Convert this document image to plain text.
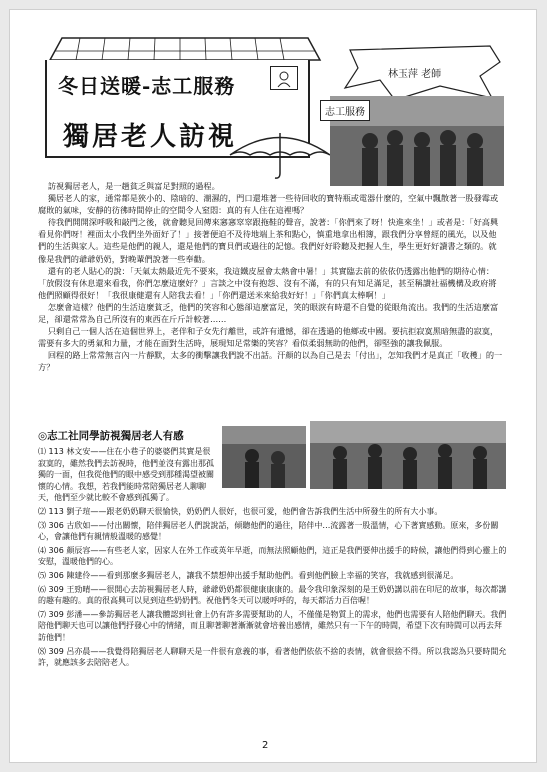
冬日送暖-志工服務
獨居老人訪視
林玉萍 老師
志工服務

訪視獨居老人，是一趟貧乏與富足對照的過程。

獨居老人的家，通常都是狹小的、陰暗的、潮濕的，門口還堆著一些待回收的寶特瓶或電器什麼的，空氣中飄散著一股發霉或腐敗的氣味，安靜的彷彿時間停止的空間令人窒悶：真的有人住在這裡嗎？

待我們開開深呼吸和敲門之後，就會聽見回傳來窸窸窣窣跟拖鞋的聲音，說著：「你們來了呀！快進來坐！」或者是：「好高興看見你們呀！裡面太小我們坐外面好了！」接著便迫不及待地端上茶和點心，慎重地拿出相簿，跟我們分享曾經的風光，以及他們的生活與家人。這些是他們的親人，還是他們的寶貝們或過往的記憶。我們好好聆聽及把握人生，學生更好好讀書之類的。就像是我們的爺爺奶奶，對晚輩們說著一些奉勸。

還有的老人貼心的說：「天氣太熱最近先不要來，我這鐵皮屋會太熱會中暑！」其實臨去前的依依仍透露出他們的期待心情：「放假沒有休息還來看我，你們怎麼這麼好？」言談之中沒有抱怨、沒有不滿，有的只有知足滿足，甚至稱讚社福機構及政府將他們照顧得很好！「我很康健還有人陪我去看！」「你們還送米來給我好好！」「你們真太棒啊！」

怎麼會這樣？他們的生活這麼貧乏，他們的笑容和心態卻這麼富足，笑的眼淚有時還不自覺的從眼角流出。我們的生活這麼富足，卻還常常為自己所沒有的東西在斤斤計較著……

只剩自己一個人活在這個世界上，老伴和子女先行離世，或許有遺憾，卻在透過的他鄉或中國。要抗拒寂寞黑暗無盡的寂寞，需要有多大的勇氣和力量，才能在面對生活時，展現知足常樂的笑容？看似柔弱無助的他們，卻堅強的讓我佩服。

回程的路上常常無言內一片靜默，太多的衝擊讓我們說不出話。汗顏的以為自己是去「付出」，怎知我們才是真正「收穫」的一方？

◎志工社同學訪視獨居老人有感
⑴ 113 林文安——住在小巷子的婆婆們其實是很寂寞的，雖然我們去訪視時，他們並沒有露出那孤獨的一面，但我從他們的眼中感受到那種渴望被關懷的心情。我想，若我們能時常陪獨居老人聊聊天，他們至少就比較不會感到孤獨了。
⑵ 113 劉子瑄——跟老奶奶聊天很愉快，奶奶們人很好，也很可愛，他們會告訴我們生活中所發生的所有大小事。
⑶ 306 古欣如——付出關懷，陪伴獨居老人們說說話，傾聽他們的過往，陪伴中…流露著一股溫情，心下著實感動。原來，多份關心，會讓他們有親情般溫暖的感覺！
⑷ 306 顏辰容——有些老人家，因家人在外工作或英年早逝，而無法照顧他們，這正是我們要伸出援手的時候，讓他們得到心靈上的安慰，溫暖他們的心。
⑸ 306 陳建伶——看到那麼多獨居老人，讓我不禁想伸出援手幫助他們。看到他們臉上幸福的笑容，我就感到很滿足。
⑹ 309 王勁晴——很開心去訪視獨居老人時，爺爺奶奶都很健康康康的。最令我印象深刻的是王奶奶講以前在印尼的故事，每次都講的趣有趣的。真的很高興可以見到這些奶奶們。祝他們冬天可以暖呼呼的，每天都活力百倍喔！
⑺ 309 彭潘——參訪獨居老人讓我體認到社會上仍有許多需要幫助的人，不僅僅是物質上的需求，他們也需要有人陪他們聊天。我們陪他們聊天也可以讓他們抒發心中的情緒，而且聊著聊著漸漸就會培養出感情，雖然只有一下午的時間，希望下次有時間可以再去拜訪他們！
⑻ 309 呂亦晨——我覺得陪獨居老人聊聊天是一件很有意義的事，看著他們依依不捨的表情，就會很捨不得。所以我認為只要時間允許，就應該多去陪陪老人。
2
